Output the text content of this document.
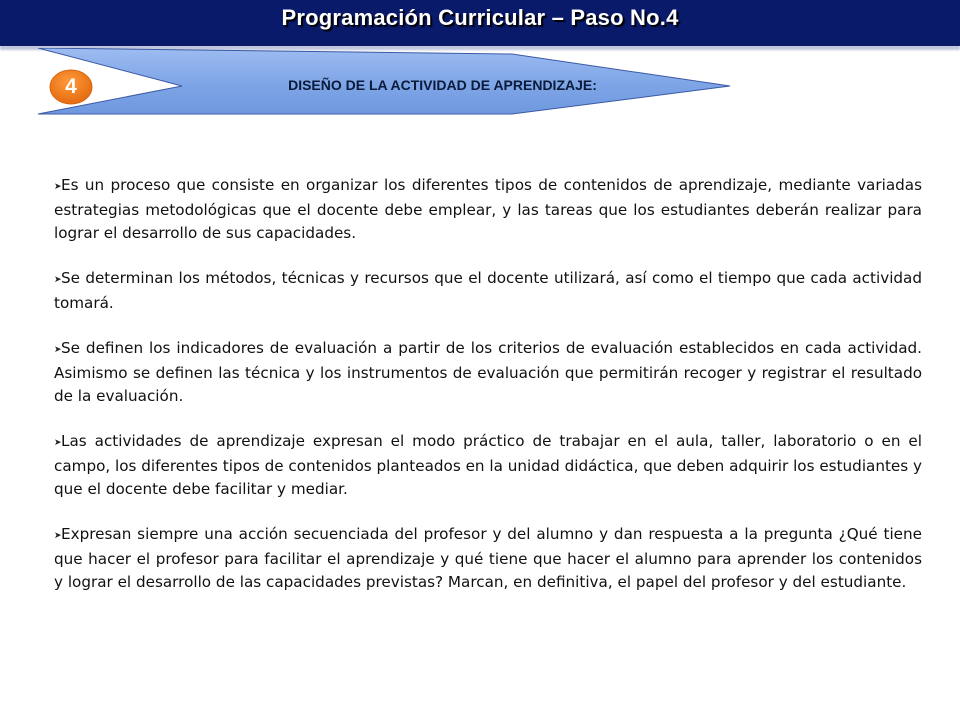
Programación Curricular – Paso No.4
4	DISEÑO DE LA ACTIVIDAD DE APRENDIZAJE:

➤Es un proceso que consiste en organizar los diferentes tipos de contenidos de aprendizaje, mediante variadas estrategias metodológicas que el docente debe emplear, y las tareas que los estudiantes deberán realizar para lograr el desarrollo de sus capacidades.

➤Se determinan los métodos, técnicas y recursos que el docente utilizará, así como el tiempo que cada actividad tomará.

➤Se definen los indicadores de evaluación a partir de los criterios de evaluación establecidos en cada actividad. Asimismo se definen las técnica y los instrumentos de evaluación que permitirán recoger y registrar el resultado de la evaluación.

➤Las actividades de aprendizaje expresan el modo práctico de trabajar en el aula, taller, laboratorio o en el campo, los diferentes tipos de contenidos planteados en la unidad didáctica, que deben adquirir los estudiantes y que el docente debe facilitar y mediar.

➤Expresan siempre una acción secuenciada del profesor y del alumno y dan respuesta a la pregunta ¿Qué tiene que hacer el profesor para facilitar el aprendizaje y qué tiene que hacer el alumno para aprender los contenidos y lograr el desarrollo de las capacidades previstas? Marcan, en definitiva, el papel del profesor y del estudiante.
